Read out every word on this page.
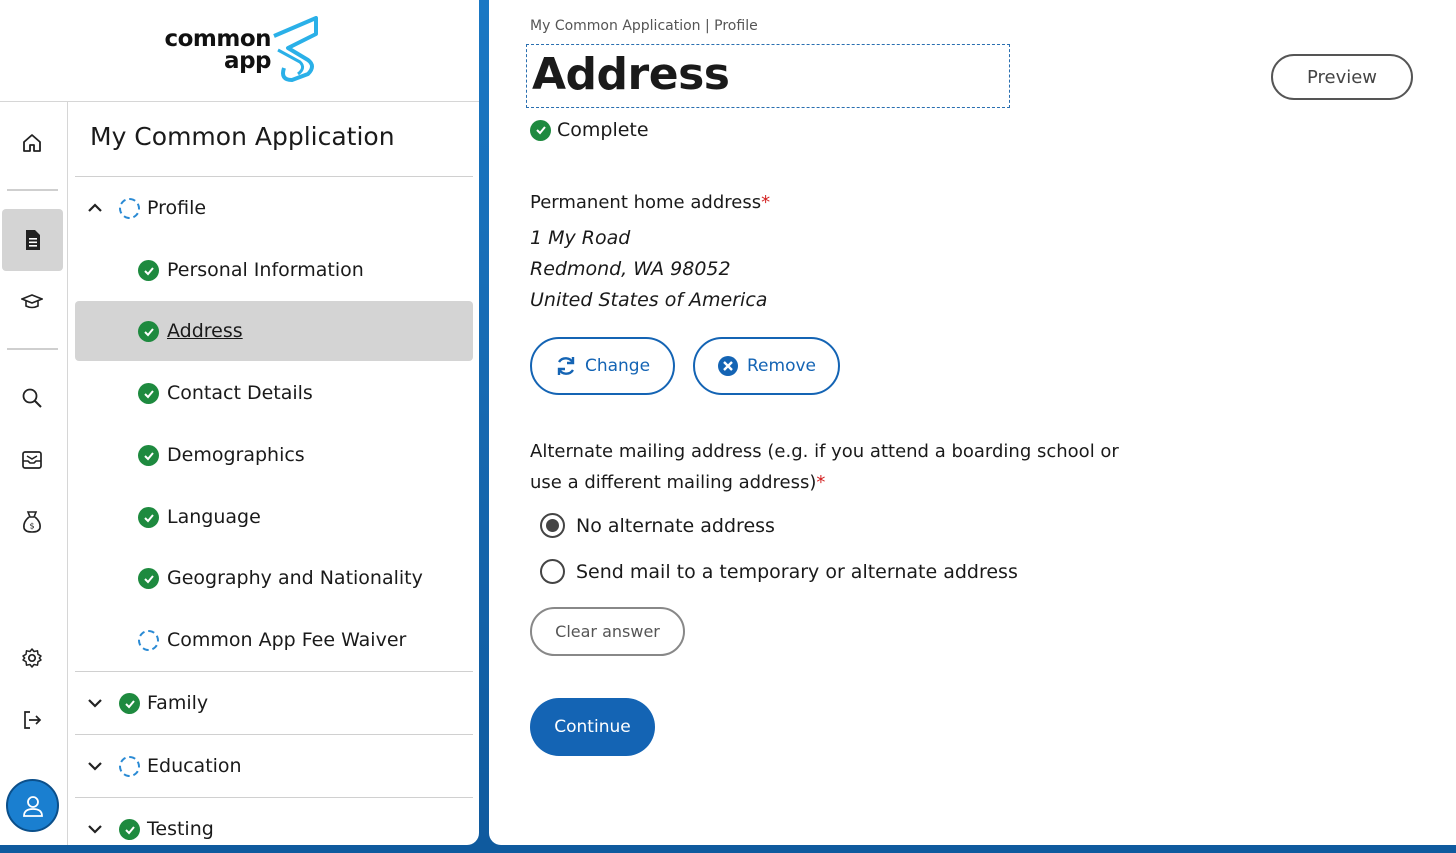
common
app
$
My Common Application
Profile
Personal Information
Address
Contact Details
Demographics
Language
Geography and Nationality
Common App Fee Waiver
Family
Education
Testing
My Common Application | Profile
Address
Complete
Preview
Permanent home address*
1 My Road
Redmond, WA 98052
United States of America
Change	Remove
Alternate mailing address (e.g. if you attend a boarding school or
use a different mailing address)*
No alternate address
Send mail to a temporary or alternate address
Clear answer
Continue
